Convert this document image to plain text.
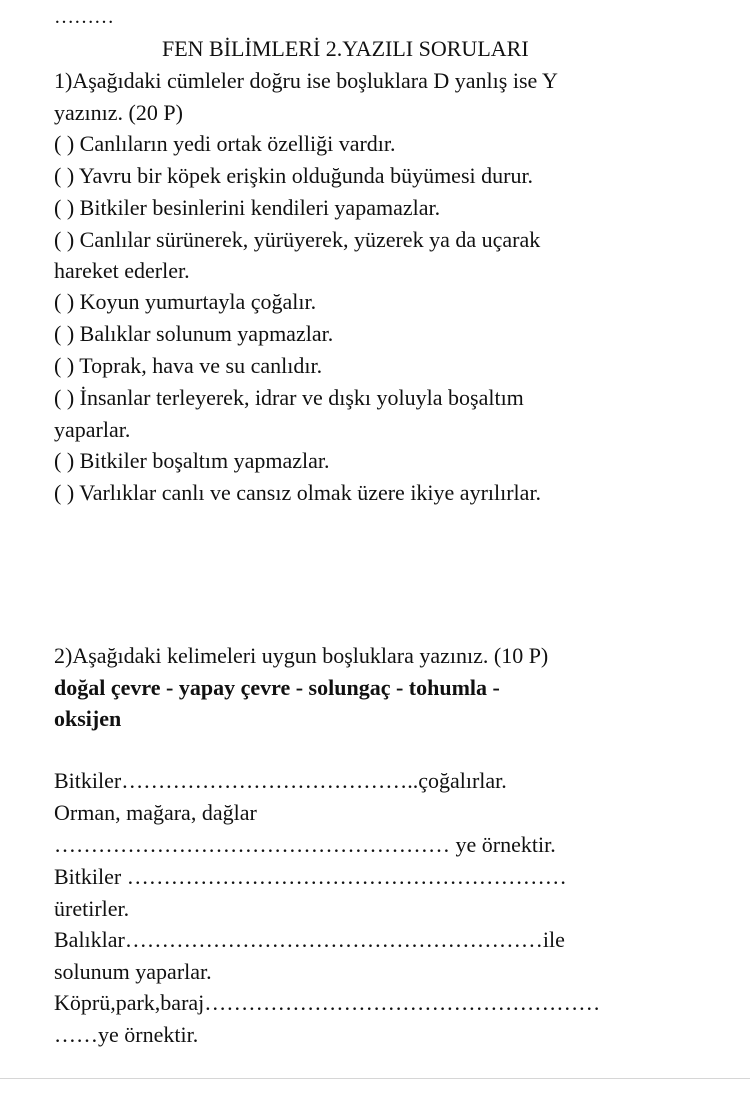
………
FEN BİLİMLERİ 2.YAZILI SORULARI
1)Aşağıdaki cümleler doğru ise boşluklara D yanlış ise Y
yazınız. (20 P)
( ) Canlıların yedi ortak özelliği vardır.
( ) Yavru bir köpek erişkin olduğunda büyümesi durur.
( ) Bitkiler besinlerini kendileri yapamazlar.
( ) Canlılar sürünerek, yürüyerek, yüzerek ya da uçarak
hareket ederler.
( ) Koyun yumurtayla çoğalır.
( ) Balıklar solunum yapmazlar.
( ) Toprak, hava ve su canlıdır.
( ) İnsanlar terleyerek, idrar ve dışkı yoluyla boşaltım
yaparlar.
( ) Bitkiler boşaltım yapmazlar.
( ) Varlıklar canlı ve cansız olmak üzere ikiye ayrılırlar.
2)Aşağıdaki kelimeleri uygun boşluklara yazınız. (10 P)
doğal çevre - yapay çevre - solungaç - tohumla -
oksijen
Bitkiler…………………………………..çoğalırlar.
Orman, mağara, dağlar
……………………………………………… ye örnektir.
Bitkiler ……………………………………………………
üretirler.
Balıklar…………………………………………………ile
solunum yaparlar.
Köprü,park,baraj………………………………………………
……ye örnektir.
